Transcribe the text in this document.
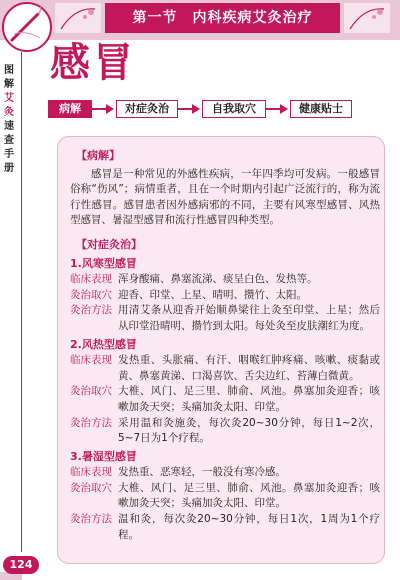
第一节　内科疾病艾灸治疗
图解艾灸速查手册
感冒
病解	对症灸治	自我取穴	健康贴士
【病解】
感冒是一种常见的外感性疾病，一年四季均可发病。一般感冒俗称“伤风”；病情重者，且在一个时期内引起广泛流行的，称为流行性感冒。感冒患者因外感病邪的不同，主要有风寒型感冒、风热型感冒、暑湿型感冒和流行性感冒四种类型。
【对症灸治】
1.风寒型感冒
临床表现 浑身酸痛、鼻塞流涕、痰呈白色、发热等。
灸治取穴 迎香、印堂、上星、晴明、攒竹、太阳。
灸治方法 用清艾条从迎香开始顺鼻梁往上灸至印堂、上星；然后从印堂沿晴明、攒竹到太阳。每处灸至皮肤潮红为度。
2.风热型感冒
临床表现 发热重、头胀痛、有汗、咽喉红肿疼痛、咳嗽、痰黏或黄、鼻塞黄涕、口渴喜饮、舌尖边红、苔薄白微黄。
灸治取穴 大椎、风门、足三里、肺俞、风池。鼻塞加灸迎香；咳嗽加灸天突；头痛加灸太阳、印堂。
灸治方法 采用温和灸施灸，每次灸20~30分钟，每日1~2次，5~7日为1个疗程。
3.暑湿型感冒
临床表现 发热重、恶寒轻，一般没有寒冷感。
灸治取穴 大椎、风门、足三里、肺俞、风池。鼻塞加灸迎香；咳嗽加灸天突；头痛加灸太阳、印堂。
灸治方法 温和灸，每次灸20~30分钟，每日1次，1周为1个疗程。
124
